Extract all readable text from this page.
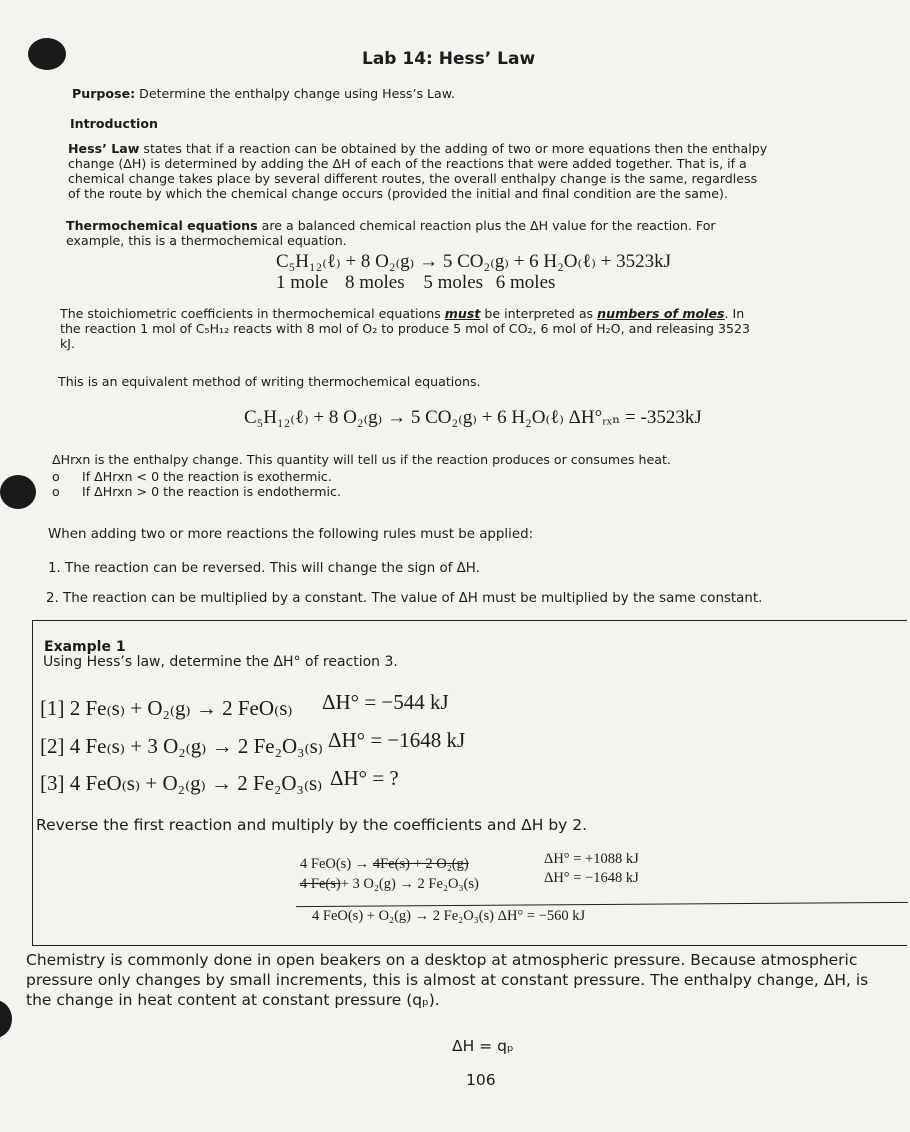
Lab 14: Hess’ Law
Purpose: Determine the enthalpy change using Hess’s Law.
Introduction
Hess’ Law states that if a reaction can be obtained by the adding of two or more equations then the enthalpy
change (ΔH) is determined by adding the ΔH of each of the reactions that were added together. That is, if a
chemical change takes place by several different routes, the overall enthalpy change is the same, regardless
of the route by which the chemical change occurs (provided the initial and final condition are the same).
Thermochemical equations are a balanced chemical reaction plus the ΔH value for the reaction. For
example, this is a thermochemical equation.
C₅H₁₂₍ℓ₎ + 8 O₂₍g₎ → 5 CO₂₍g₎ + 6 H₂O₍ℓ₎ + 3523kJ
1 mole 8 moles 5 moles 6 moles
The stoichiometric coefficients in thermochemical equations must be interpreted as numbers of moles. In
the reaction 1 mol of C₅H₁₂ reacts with 8 mol of O₂ to produce 5 mol of CO₂, 6 mol of H₂O, and releasing 3523
kJ.
This is an equivalent method of writing thermochemical equations.
C₅H₁₂₍ℓ₎ + 8 O₂₍g₎ → 5 CO₂₍g₎ + 6 H₂O₍ℓ₎ ΔH°ᵣₓₙ = -3523kJ
ΔHrxn is the enthalpy change. This quantity will tell us if the reaction produces or consumes heat.
o If ΔHrxn < 0 the reaction is exothermic.
o If ΔHrxn > 0 the reaction is endothermic.
When adding two or more reactions the following rules must be applied:
1. The reaction can be reversed. This will change the sign of ΔH.
2. The reaction can be multiplied by a constant. The value of ΔH must be multiplied by the same constant.
Example 1
Using Hess’s law, determine the ΔH° of reaction 3.
[1] 2 Fe₍s₎ + O₂₍g₎ → 2 FeO₍s₎ ΔH° = −544 kJ
[2] 4 Fe₍s₎ + 3 O₂₍g₎ → 2 Fe₂O₃₍s₎ ΔH° = −1648 kJ
[3] 4 FeO₍s₎ + O₂₍g₎ → 2 Fe₂O₃₍s₎ ΔH° = ?
Reverse the first reaction and multiply by the coefficients and ΔH by 2.
4 FeO(s) → 4Fe(s) + 2 O₂(g)	ΔH° = +1088 kJ
4 Fe(s)+ 3 O₂(g) → 2 Fe₂O₃(s)	ΔH° = −1648 kJ
4 FeO(s) + O₂(g) → 2 Fe₂O₃(s) ΔH° = −560 kJ
Chemistry is commonly done in open beakers on a desktop at atmospheric pressure. Because atmospheric
pressure only changes by small increments, this is almost at constant pressure. The enthalpy change, ΔH, is
the change in heat content at constant pressure (qₚ).
ΔH = qₚ
106
